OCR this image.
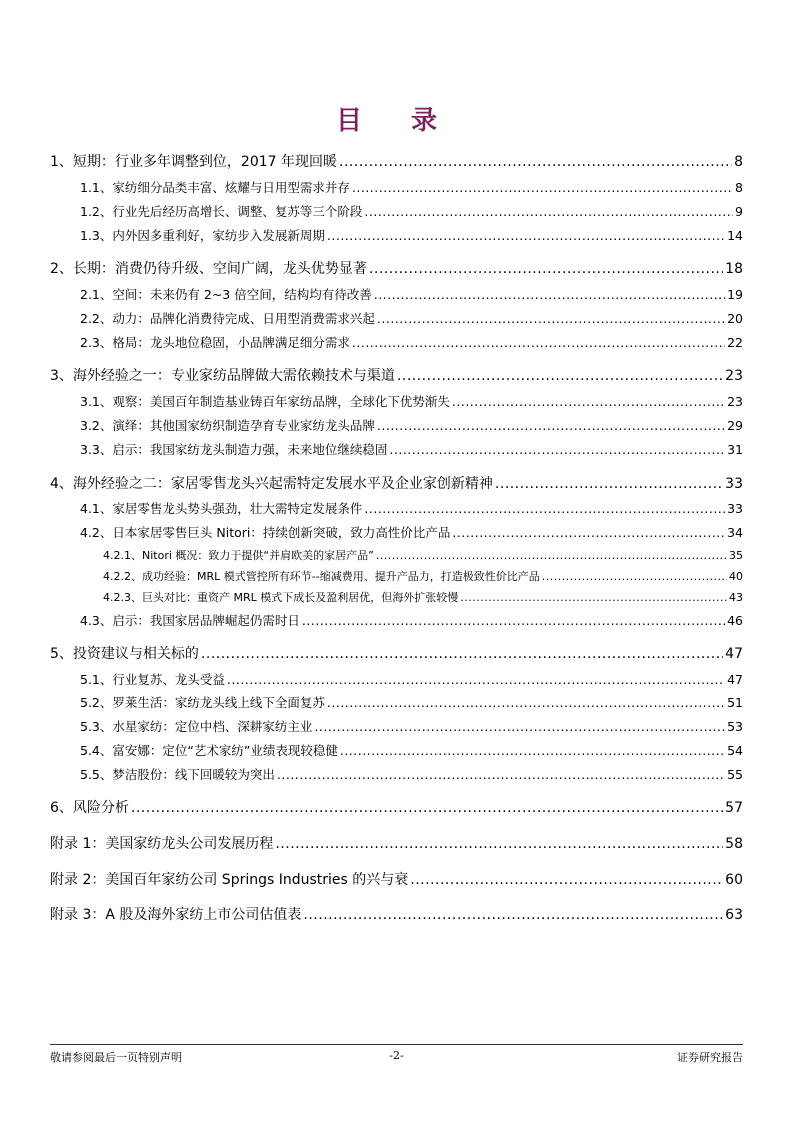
目 录
1、 短期：行业多年调整到位，2017 年现回暖 .....	8
1.1、 家纺细分品类丰富、炫耀与日用型需求并存 .....	8
1.2、 行业先后经历高增长、调整、复苏等三个阶段 .....	9
1.3、 内外因多重利好，家纺步入发展新周期 .....	14
2、 长期：消费仍待升级、空间广阔，龙头优势显著 .....	18
2.1、 空间：未来仍有 2~3 倍空间，结构均有待改善 .....	19
2.2、 动力：品牌化消费待完成、日用型消费需求兴起 .....	20
2.3、 格局：龙头地位稳固，小品牌满足细分需求 .....	22
3、 海外经验之一：专业家纺品牌做大需依赖技术与渠道 .....	23
3.1、 观察：美国百年制造基业铸百年家纺品牌，全球化下优势渐失 .....	23
3.2、 演绎：其他国家纺织制造孕育专业家纺龙头品牌 .....	29
3.3、 启示：我国家纺龙头制造力强，未来地位继续稳固 .....	31
4、 海外经验之二：家居零售龙头兴起需特定发展水平及企业家创新精神 .....	33
4.1、 家居零售龙头势头强劲，壮大需特定发展条件 .....	33
4.2、 日本家居零售巨头 Nitori：持续创新突破，致力高性价比产品 .....	34
4.2.1、 Nitori 概况：致力于提供“并肩欧美的家居产品” .....	35
4.2.2、 成功经验：MRL 模式管控所有环节--缩减费用、提升产品力，打造极致性价比产品 .....	40
4.2.3、 巨头对比：重资产 MRL 模式下成长及盈利居优，但海外扩张较慢 .....	43
4.3、 启示：我国家居品牌崛起仍需时日 .....	46
5、 投资建议与相关标的 .....	47
5.1、 行业复苏、龙头受益 .....	47
5.2、 罗莱生活：家纺龙头线上线下全面复苏 .....	51
5.3、 水星家纺：定位中档、深耕家纺主业 .....	53
5.4、 富安娜：定位“艺术家纺”业绩表现较稳健 .....	54
5.5、 梦洁股份：线下回暖较为突出 .....	55
6、 风险分析 .....	57
附录 1：美国家纺龙头公司发展历程 .....	58
附录 2：美国百年家纺公司 Springs Industries 的兴与衰 .....	60
附录 3：A 股及海外家纺上市公司估值表 .....	63
敬请参阅最后一页特别声明	-2-	证券研究报告
